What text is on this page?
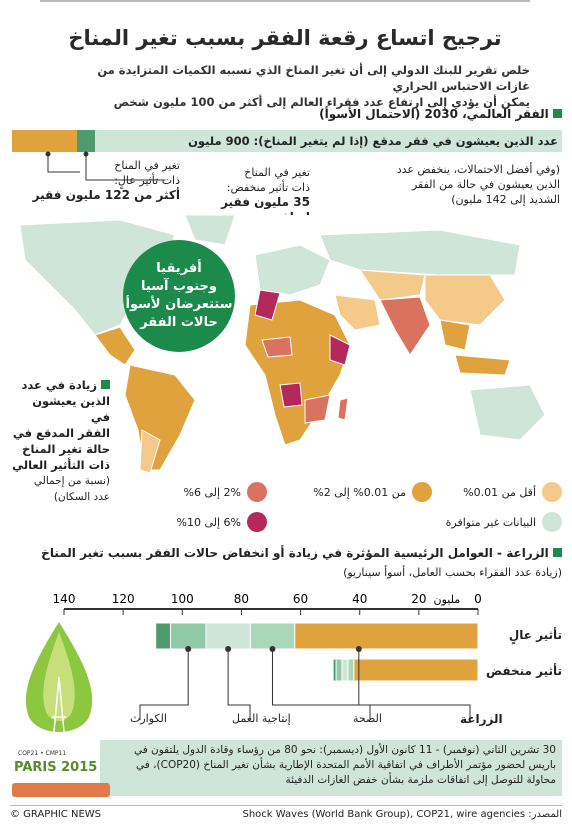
ترجيح اتساع رقعة الفقر بسبب تغير المناخ
خلص تقرير للبنك الدولي إلى أن تغير المناخ الذي تسببه الكميات المتزايدة من غازات الاحتباس الحراري
يمكن أن يؤدي إلى ارتفاع عدد فقراء العالم إلى أكثر من 100 مليون شخص
الفقر العالمي، 2030 (الاحتمال الأسوأ)
عدد الذين يعيشون في فقر مدقع (إذا لم يتغير المناخ): 900 مليون
تغير في المناخ
ذات تأثير عالٍ:
أكثر من 122 مليون فقير
تغير في المناخ
ذات تأثير منخفض:
35 مليون فقير
(وفي أفضل الاحتمالات، ينخفض عدد
الذين يعيشون في حالة من الفقر
الشديد إلى 142 مليون)
أفريقيا
وجنوب آسيا
ستتعرضان لأسوأ
حالات الفقر
زيادة في عدد
الذين يعيشون في
الفقر المدقع في
حالة تغير المناخ
ذات التأثير العالي
(نسبة من إجمالي
عدد السكان)	أقل من 0.01%
من 0.01% إلى 2%
2% إلى 6%
البيانات غير متوافرة
6% إلى 10%
الزراعة - العوامل الرئيسية المؤثرة في زيادة أو انخفاض حالات الفقر بسبب تغير المناخ
(زيادة عدد الفقراء بحسب العامل، أسوأ سيناريو)
0
20
40
60
80
100
120
140	مليون
تأثير عالٍ
تأثير منخفض
الزراعة
الصحة
إنتاجية العمل
الكوارث
COP21 • CMP11
PARIS 2015
30 تشرين الثاني (نوفمبر) - 11 كانون الأول (ديسمبر): نحو 80 من رؤساء وقادة الدول يلتقون في باريس لحضور مؤتمر الأطراف في اتفاقية الأمم المتحدة الإطارية بشأن تغير المناخ (COP20)، في محاولة للتوصل إلى اتفاقات ملزمة بشأن خفض الغازات الدفيئة
© GRAPHIC NEWS	المصدر: Shock Waves (World Bank Group), COP21, wire agencies
